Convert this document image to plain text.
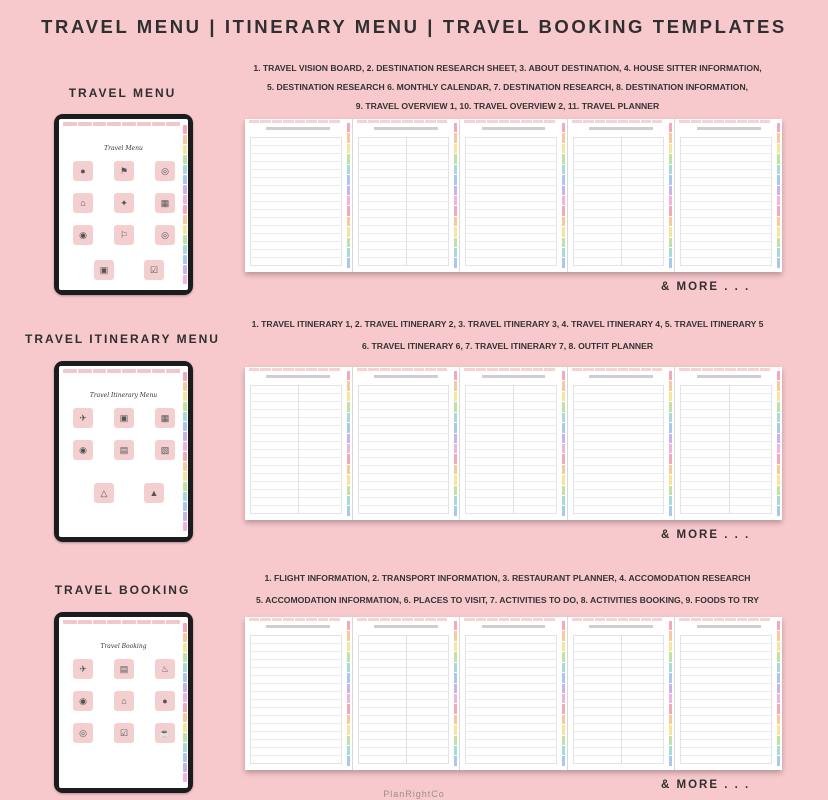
TRAVEL MENU | ITINERARY MENU | TRAVEL BOOKING TEMPLATES
TRAVEL MENU
1. TRAVEL VISION BOARD, 2. DESTINATION RESEARCH SHEET, 3. ABOUT DESTINATION, 4. HOUSE SITTER INFORMATION,
5. DESTINATION RESEARCH 6. MONTHLY CALENDAR, 7. DESTINATION RESEARCH, 8. DESTINATION INFORMATION,
9. TRAVEL OVERVIEW 1, 10. TRAVEL OVERVIEW 2, 11. TRAVEL PLANNER
Travel Menu
●	⚑	◎
⌂	✦	▦
◉	⚐	◎
▣	☑
& MORE . . .
TRAVEL ITINERARY MENU
1. TRAVEL ITINERARY 1, 2. TRAVEL ITINERARY 2, 3. TRAVEL ITINERARY 3, 4. TRAVEL ITINERARY 4, 5. TRAVEL ITINERARY 5
6. TRAVEL ITINERARY 6, 7. TRAVEL ITINERARY 7, 8. OUTFIT PLANNER
Travel Itinerary Menu
✈	▣	▦
◉	▤	▧
△	▲
& MORE . . .
TRAVEL BOOKING
1. FLIGHT INFORMATION, 2. TRANSPORT INFORMATION, 3. RESTAURANT PLANNER, 4. ACCOMODATION RESEARCH
5. ACCOMODATION INFORMATION, 6. PLACES TO VISIT, 7. ACTIVITIES TO DO, 8. ACTIVITIES BOOKING, 9. FOODS TO TRY
Travel Booking
✈	▤	♨
◉	⌂	●
◎	☑	☕
& MORE . . .
PlanRightCo
